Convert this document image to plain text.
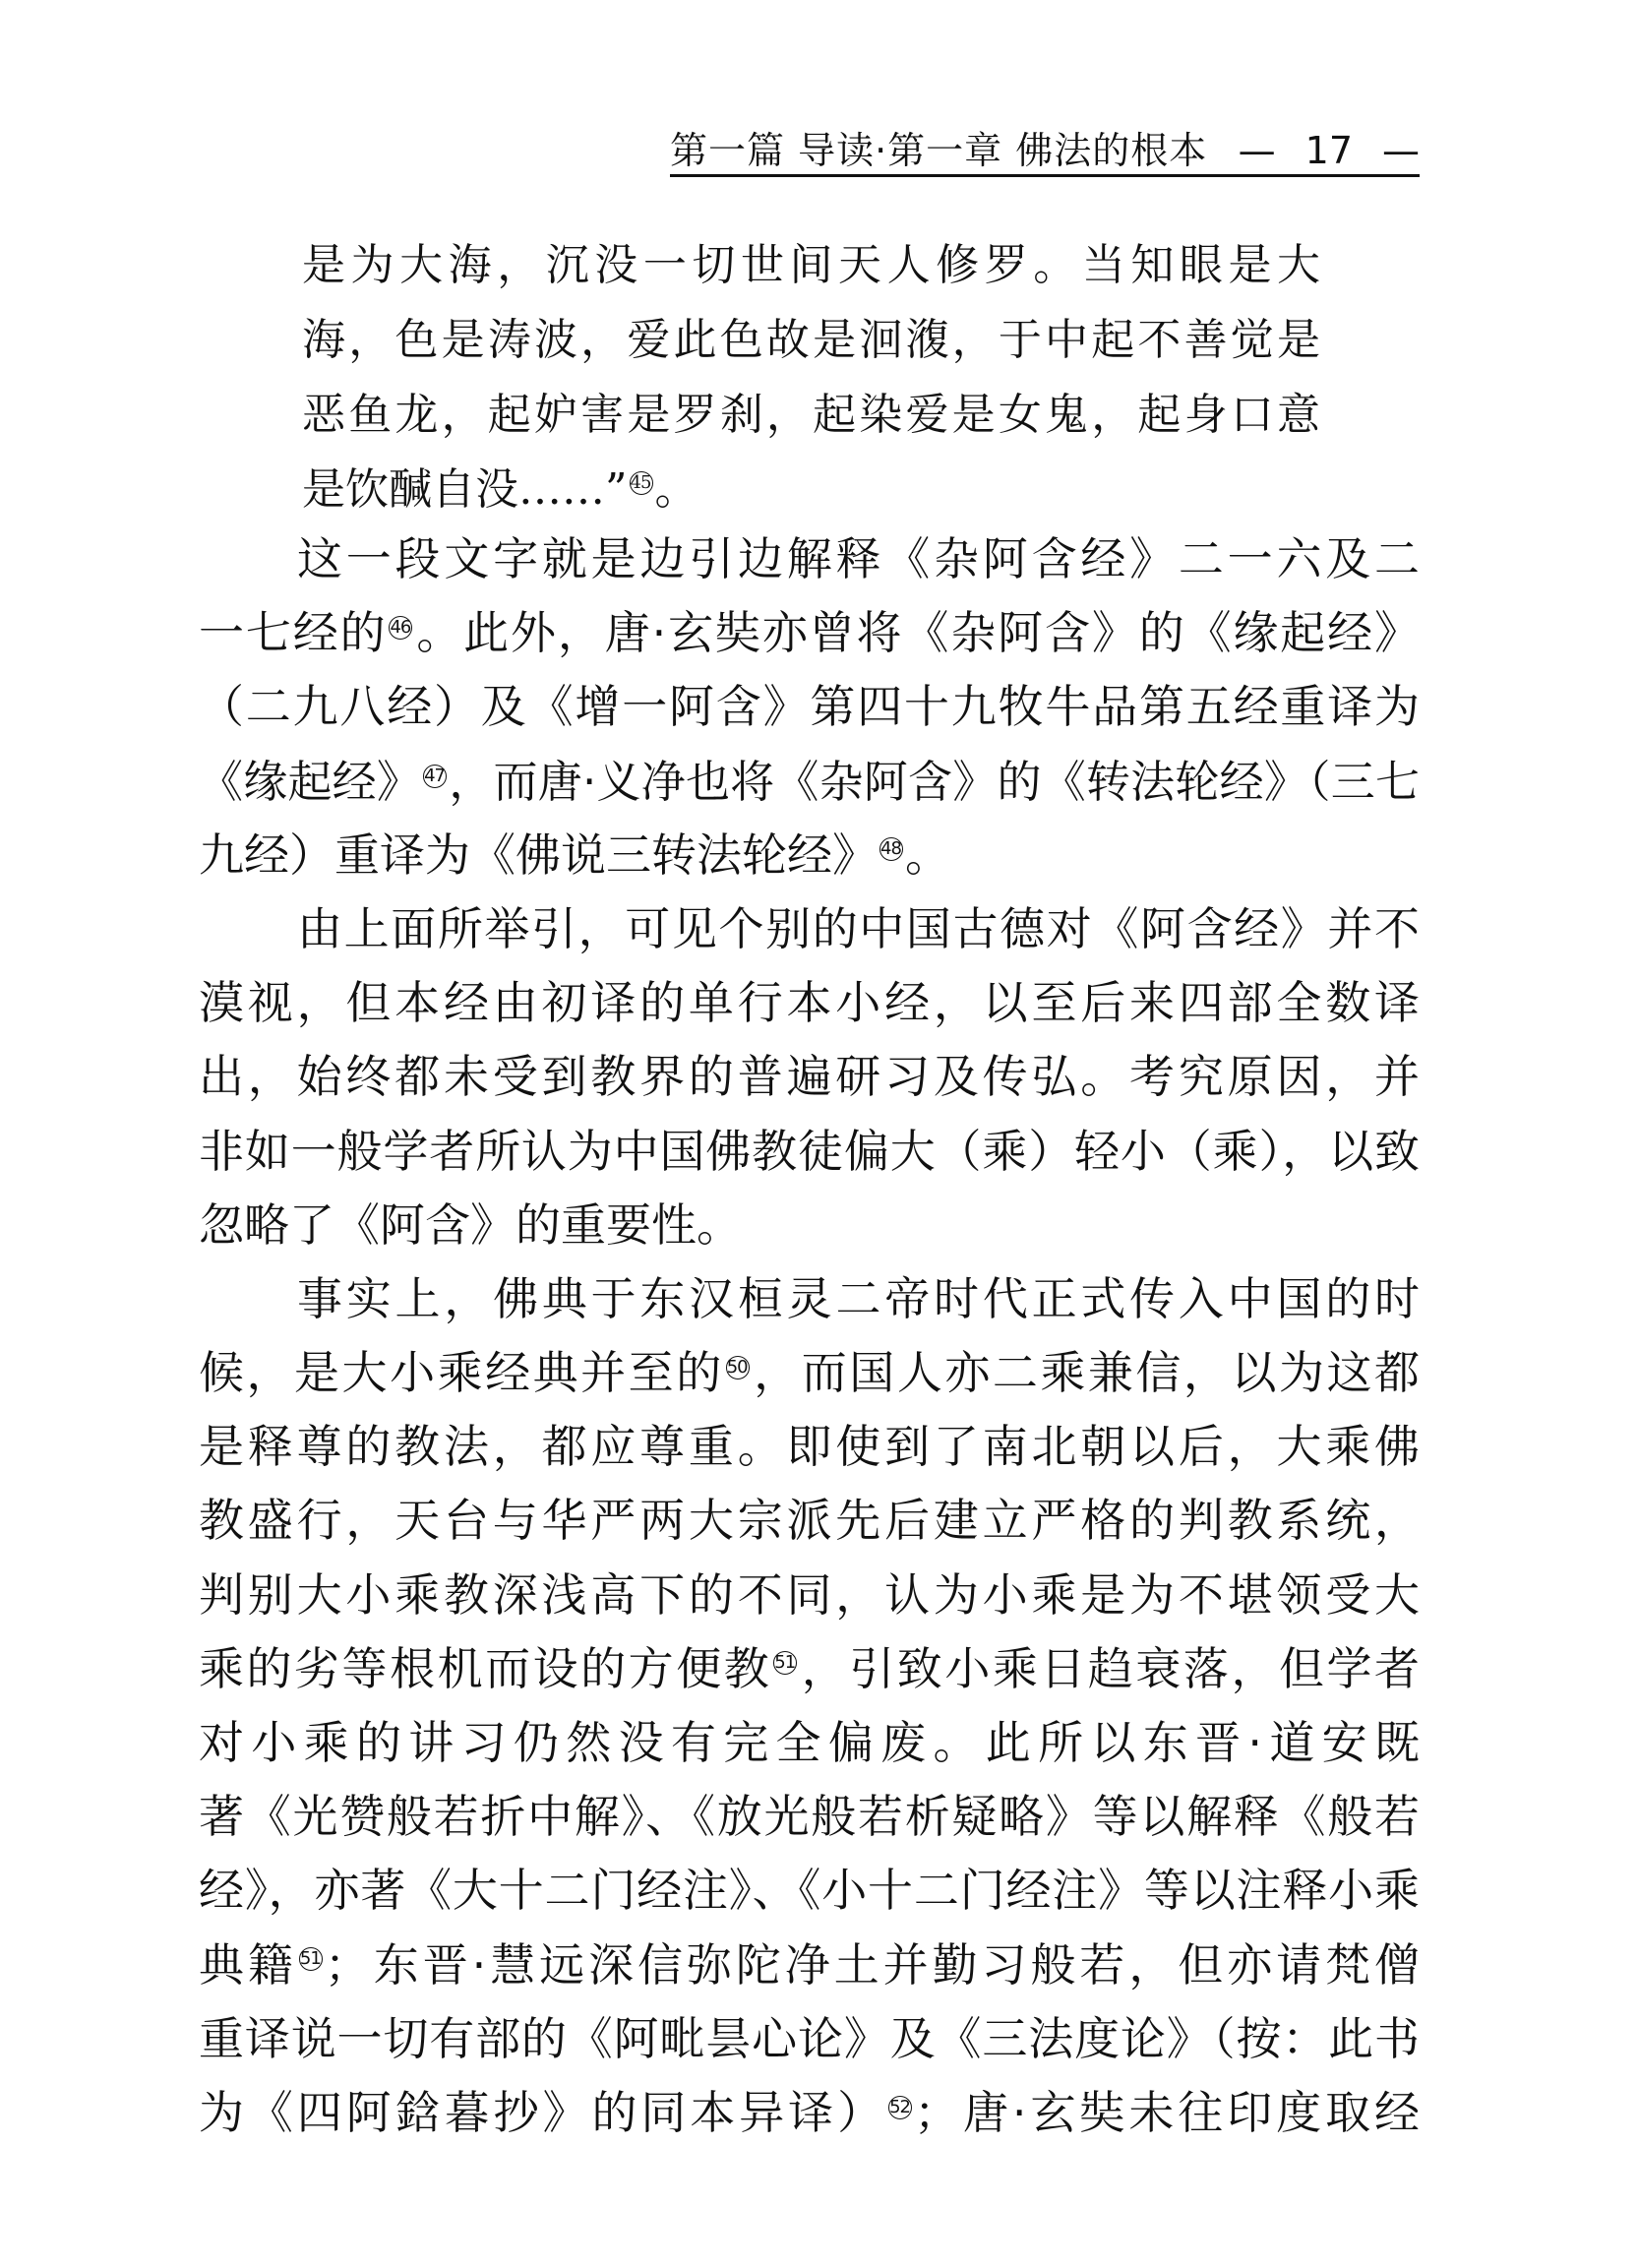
第一篇 导读·第一章 佛法的根本 — 17 —
是为大海，沉没一切世间天人修罗。当知眼是大
海，色是涛波，爱此色故是洄澓，于中起不善觉是
恶鱼龙，起妒害是罗刹，起染爱是女鬼，起身口意
是饮醎自没……” 45。
这一段文字就是边引边解释《杂阿含经》二一六及二
一七经的 46。此外，唐·玄奘亦曾将《杂阿含》的《缘起经》
（二九八经）及《增一阿含》第四十九牧牛品第五经重译为
《缘起经》 47，而唐·义净也将《杂阿含》的《转法轮经》（三七
九经）重译为《佛说三转法轮经》 48。
由上面所举引，可见个别的中国古德对《阿含经》并不
漠视，但本经由初译的单行本小经，以至后来四部全数译
出，始终都未受到教界的普遍研习及传弘。考究原因，并
非如一般学者所认为中国佛教徒偏大（乘）轻小（乘），以致
忽略了《阿含》的重要性。
事实上，佛典于东汉桓灵二帝时代正式传入中国的时
候，是大小乘经典并至的 50，而国人亦二乘兼信，以为这都
是释尊的教法，都应尊重。即使到了南北朝以后，大乘佛
教盛行，天台与华严两大宗派先后建立严格的判教系统，
判别大小乘教深浅高下的不同，认为小乘是为不堪领受大
乘的劣等根机而设的方便教 51，引致小乘日趋衰落，但学者
对小乘的讲习仍然没有完全偏废。此所以东晋·道安既
著《光赞般若折中解》、《放光般若析疑略》等以解释《般若
经》，亦著《大十二门经注》、《小十二门经注》等以注释小乘
典籍 51；东晋·慧远深信弥陀净土并勤习般若，但亦请梵僧
重译说一切有部的《阿毗昙心论》及《三法度论》（按：此书
为《四阿鋡暮抄》的同本异译） 52；唐·玄奘未往印度取经
